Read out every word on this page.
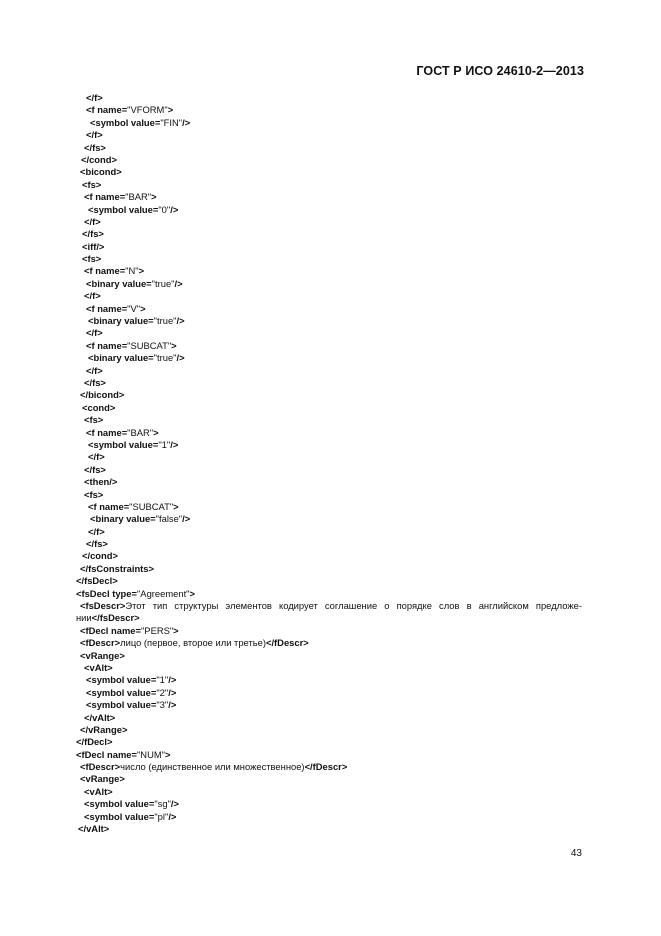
ГОСТ Р ИСО 24610-2—2013
</f>
<f name="VFORM">
<symbol value="FIN"/>
</f>
</fs>
</cond>
<bicond>
<fs>
<f name="BAR">
<symbol value="0"/>
</f>
</fs>
<iff/>
<fs>
<f name="N">
<binary value="true"/>
</f>
<f name="V">
<binary value="true"/>
</f>
<f name="SUBCAT">
<binary value="true"/>
</f>
</fs>
</bicond>
<cond>
<fs>
<f name="BAR">
<symbol value="1"/>
</f>
</fs>
<then/>
<fs>
<f name="SUBCAT">
<binary value="false"/>
</f>
</fs>
</cond>
</fsConstraints>
</fsDecl>
<fsDecl type="Agreement">
<fsDescr>Этот тип структуры элементов кодирует соглашение о порядке слов в английском предложе-
нии</fsDescr>
<fDecl name="PERS">
<fDescr>лицо (первое, второе или третье)</fDescr>
<vRange>
<vAlt>
<symbol value="1"/>
<symbol value="2"/>
<symbol value="3"/>
</vAlt>
</vRange>
</fDecl>
<fDecl name="NUM">
<fDescr>число (единственное или множественное)</fDescr>
<vRange>
<vAlt>
<symbol value="sg"/>
<symbol value="pl"/>
</vAlt>
43
